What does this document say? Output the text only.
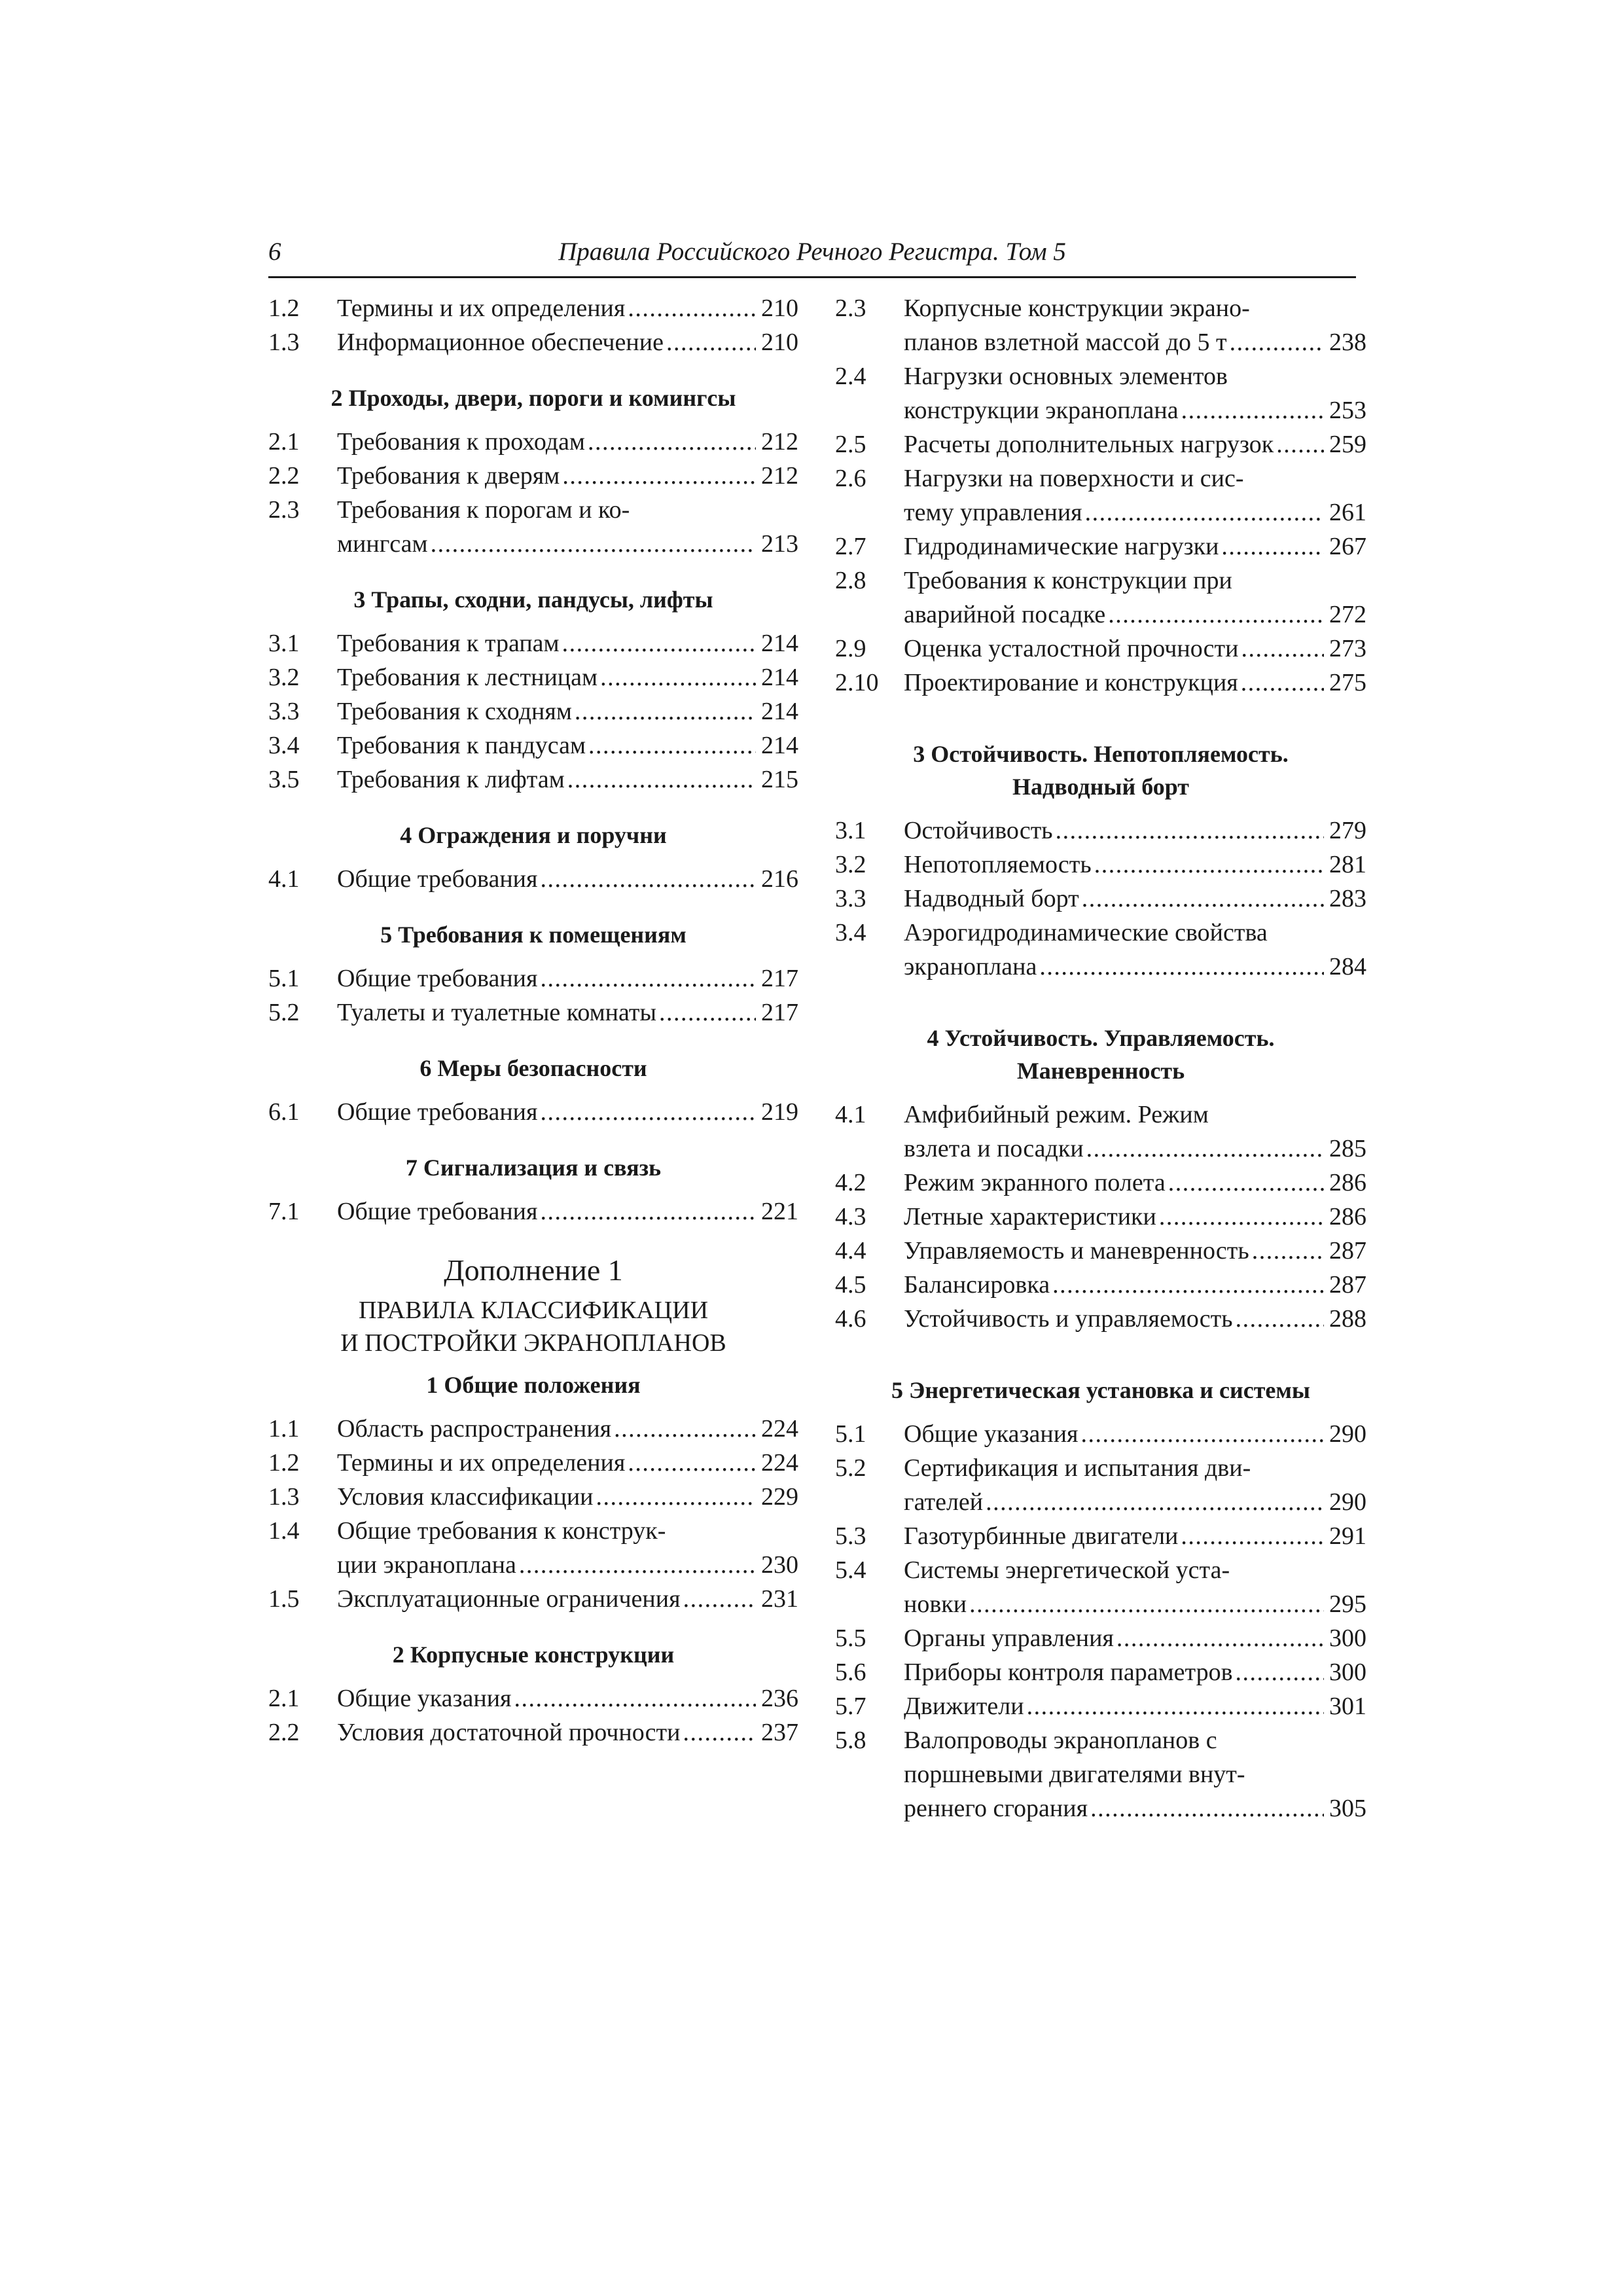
6	Правила Российского Речного Регистра. Том 5
1.2	Термины и их определения . . .	210
1.3	Информационное обеспечение . . .	210
2 Проходы, двери, пороги и комингсы
2.1	Требования к проходам . . .	212
2.2	Требования к дверям . . .	212
2.3	Требования к порогам и ко-
мингсам . . .	213
3 Трапы, сходни, пандусы, лифты
3.1	Требования к трапам . . .	214
3.2	Требования к лестницам . . .	214
3.3	Требования к сходням . . .	214
3.4	Требования к пандусам . . .	214
3.5	Требования к лифтам . . .	215
4 Ограждения и поручни
4.1	Общие требования . . .	216
5 Требования к помещениям
5.1	Общие требования . . .	217
5.2	Туалеты и туалетные комнаты . . .	217
6 Меры безопасности
6.1	Общие требования . . .	219
7 Сигнализация и связь
7.1	Общие требования . . .	221
Дополнение 1
ПРАВИЛА КЛАССИФИКАЦИИ
И ПОСТРОЙКИ ЭКРАНОПЛАНОВ
1 Общие положения
1.1	Область распространения . . .	224
1.2	Термины и их определения . . .	224
1.3	Условия классификации . . .	229
1.4	Общие требования к конструк-
ции экраноплана . . .	230
1.5	Эксплуатационные ограничения . . .	231
2 Корпусные конструкции
2.1	Общие указания . . .	236
2.2	Условия достаточной прочности . . .	237
2.3	Корпусные конструкции экрано-
планов взлетной массой до 5 т . . .	238
2.4	Нагрузки основных элементов
конструкции экраноплана . . .	253
2.5	Расчеты дополнительных нагрузок . . . 259
2.6	Нагрузки на поверхности и сис-
тему управления . . .	261
2.7	Гидродинамические нагрузки . . .	267
2.8	Требования к конструкции при
аварийной посадке . . .	272
2.9	Оценка усталостной прочности . . .	273
2.10	Проектирование и конструкция . . .	275
3 Остойчивость. Непотопляемость.
Надводный борт
3.1	Остойчивость . . .	279
3.2	Непотопляемость . . .	281
3.3	Надводный борт . . .	283
3.4	Аэрогидродинамические свойства
экраноплана . . .	284
4 Устойчивость. Управляемость.
Маневренность
4.1	Амфибийный режим. Режим
взлета и посадки . . .	285
4.2	Режим экранного полета . . .	286
4.3	Летные характеристики . . .	286
4.4	Управляемость и маневренность . . .	287
4.5	Балансировка . . .	287
4.6	Устойчивость и управляемость . . .	288
5 Энергетическая установка и системы
5.1	Общие указания . . .	290
5.2	Сертификация и испытания дви-
гателей . . .	290
5.3	Газотурбинные двигатели . . .	291
5.4	Системы энергетической уста-
новки . . .	295
5.5	Органы управления . . .	300
5.6	Приборы контроля параметров . . .	300
5.7	Движители . . .	301
5.8	Валопроводы экранопланов с
поршневыми двигателями внут-
реннего сгорания . . .	305
